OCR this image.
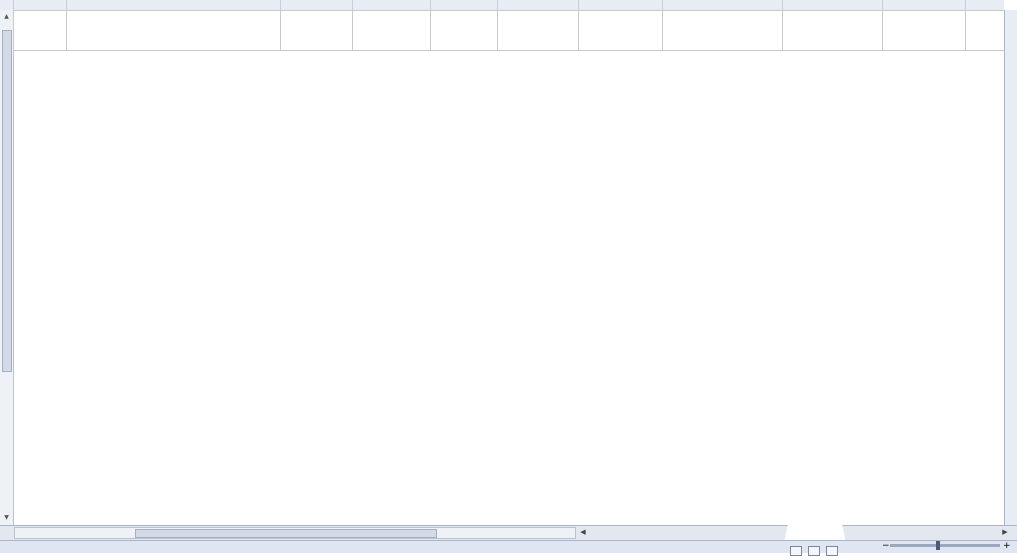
▲
▼

◀	▶
−	+
